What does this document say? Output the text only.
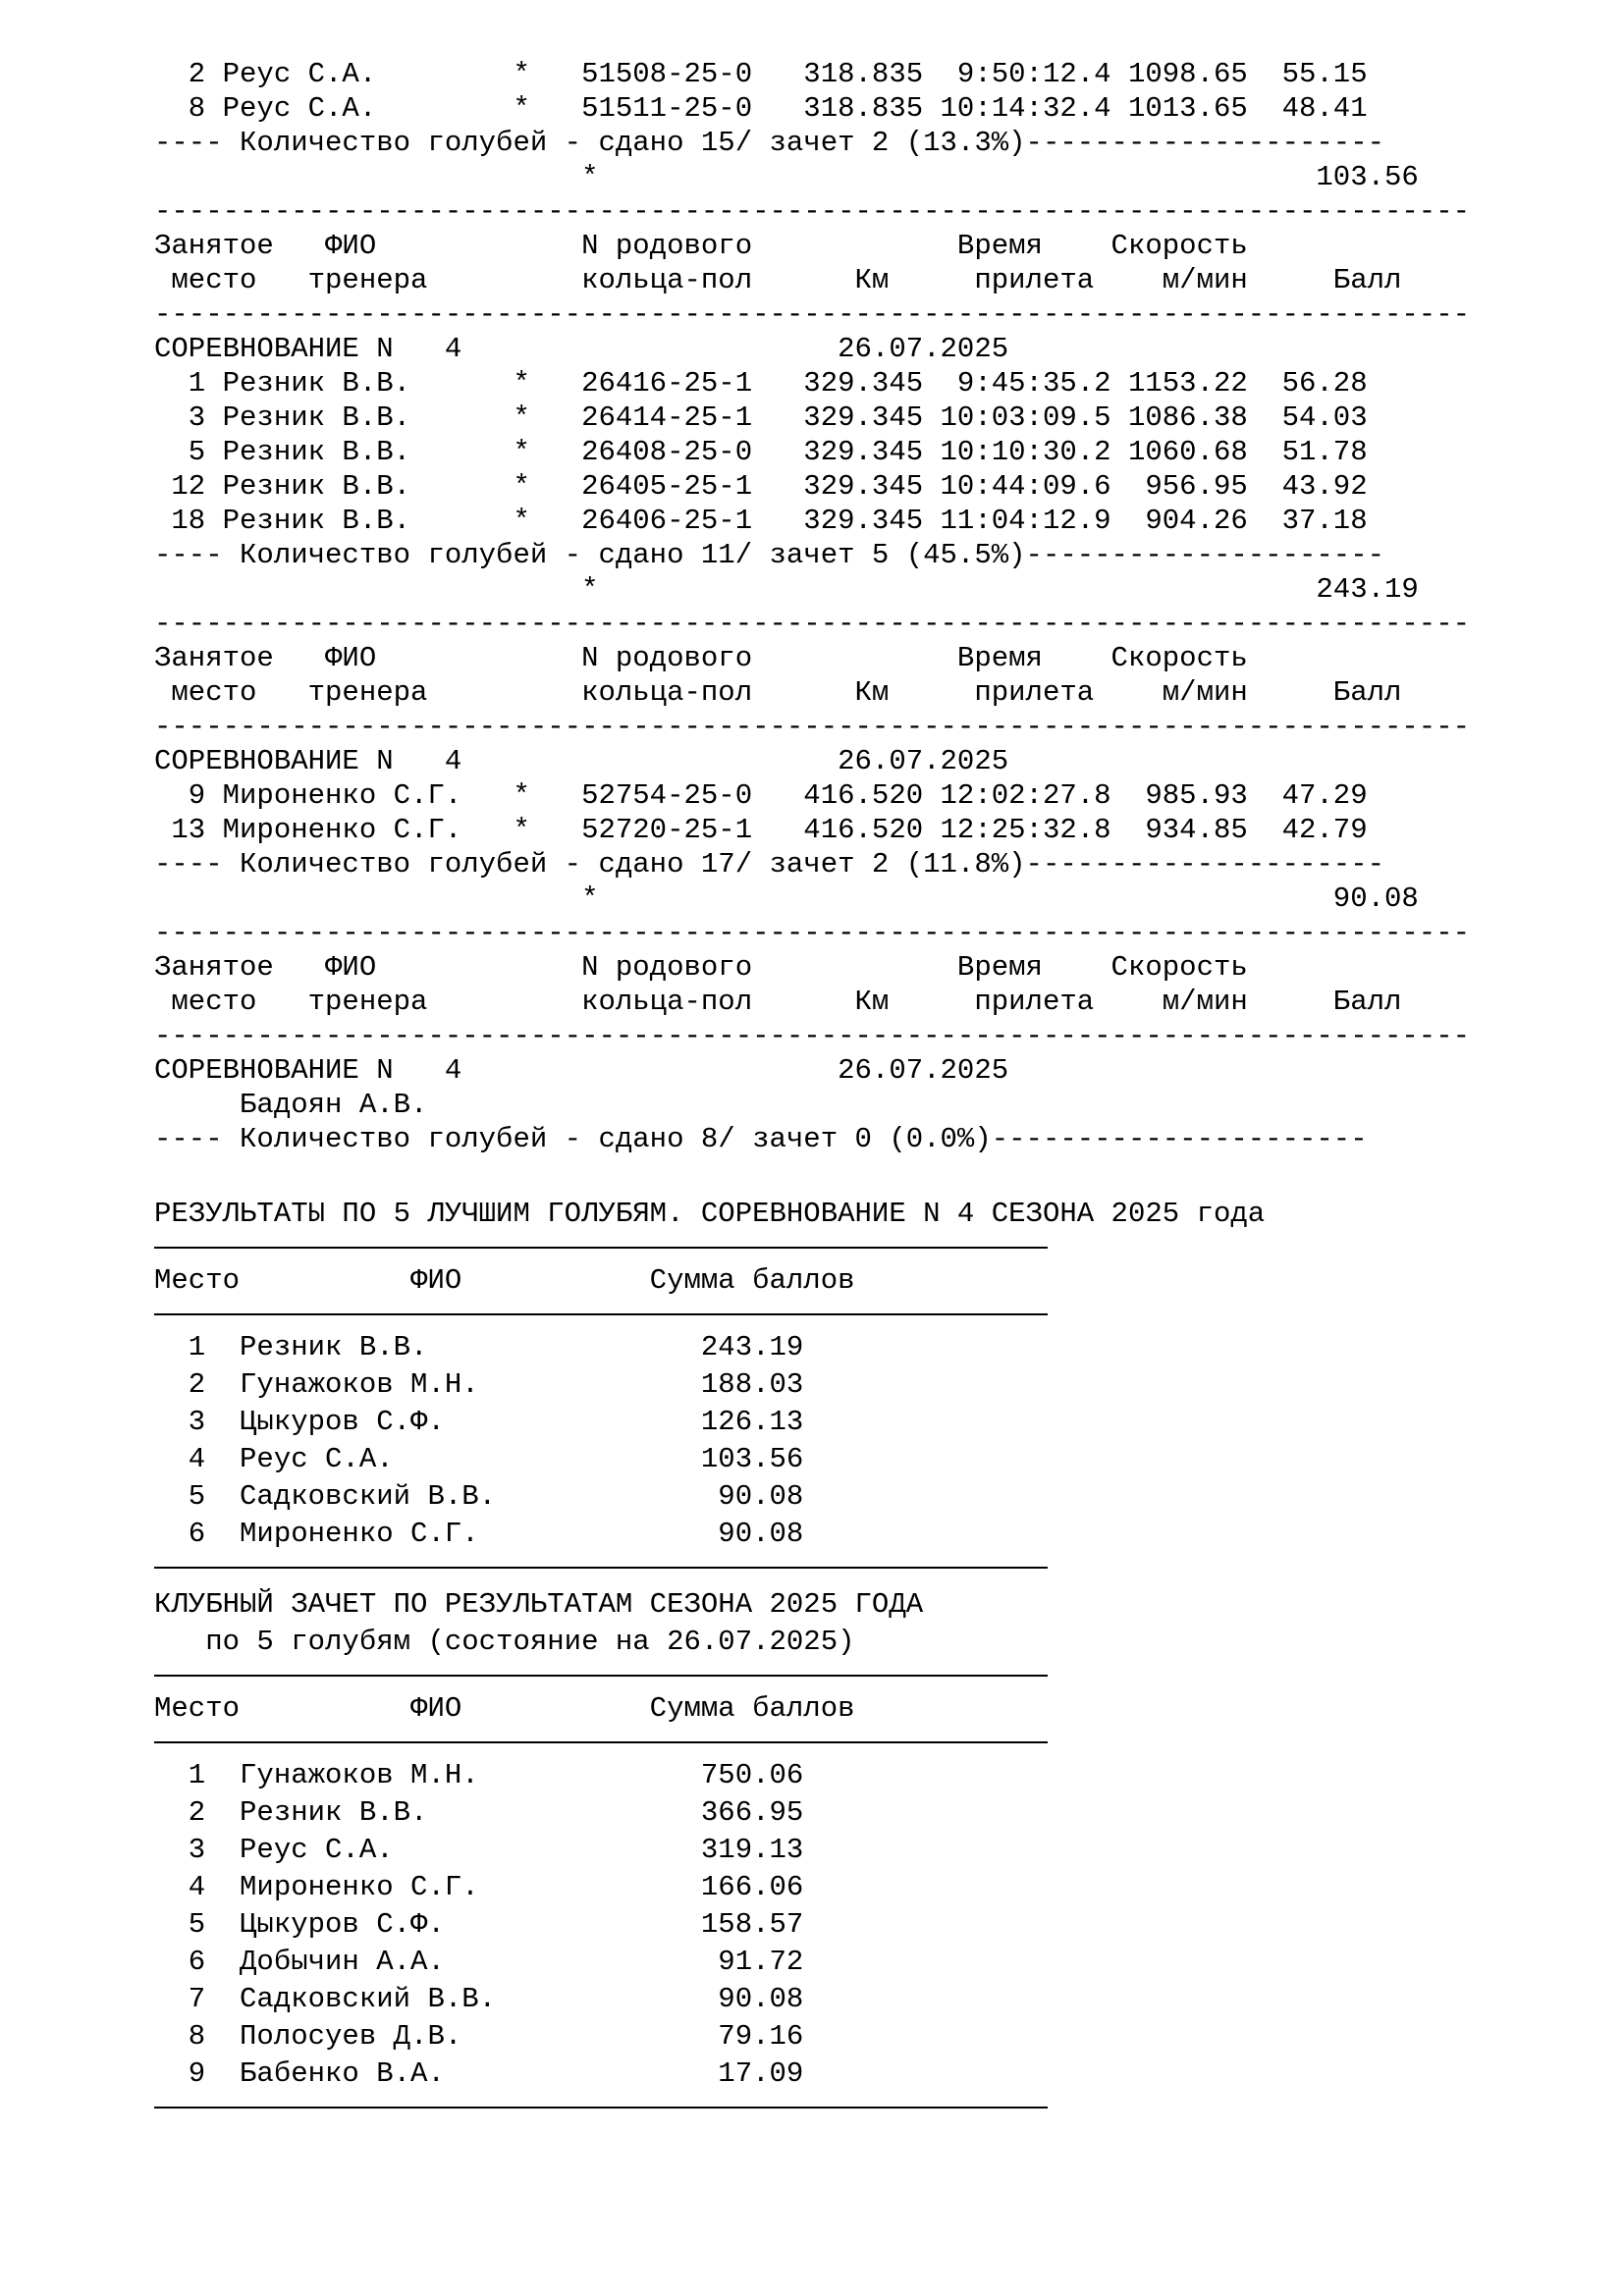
2 Реус С.А.        *   51508-25-0   318.835  9:50:12.4 1098.65  55.15
8 Реус С.А.        *   51511-25-0   318.835 10:14:32.4 1013.65  48.41
---- Количество голубей - сдано 15/ зачет 2 (13.3%)---------------------
*                                          103.56
-----------------------------------------------------------------------------
Занятое   ФИО            N родового            Время    Скорость
место   тренера         кольца-пол      Км     прилета    м/мин     Балл
-----------------------------------------------------------------------------
СОРЕВНОВАНИЕ N   4                      26.07.2025
1 Резник В.В.      *   26416-25-1   329.345  9:45:35.2 1153.22  56.28
3 Резник В.В.      *   26414-25-1   329.345 10:03:09.5 1086.38  54.03
5 Резник В.В.      *   26408-25-0   329.345 10:10:30.2 1060.68  51.78
12 Резник В.В.      *   26405-25-1   329.345 10:44:09.6  956.95  43.92
18 Резник В.В.      *   26406-25-1   329.345 11:04:12.9  904.26  37.18
---- Количество голубей - сдано 11/ зачет 5 (45.5%)---------------------
*                                          243.19
-----------------------------------------------------------------------------
Занятое   ФИО            N родового            Время    Скорость
место   тренера         кольца-пол      Км     прилета    м/мин     Балл
-----------------------------------------------------------------------------
СОРЕВНОВАНИЕ N   4                      26.07.2025
9 Мироненко С.Г.   *   52754-25-0   416.520 12:02:27.8  985.93  47.29
13 Мироненко С.Г.   *   52720-25-1   416.520 12:25:32.8  934.85  42.79
---- Количество голубей - сдано 17/ зачет 2 (11.8%)---------------------
*                                           90.08
-----------------------------------------------------------------------------
Занятое   ФИО            N родового            Время    Скорость
место   тренера         кольца-пол      Км     прилета    м/мин     Балл
-----------------------------------------------------------------------------
СОРЕВНОВАНИЕ N   4                      26.07.2025
Бадоян А.В.
---- Количество голубей - сдано 8/ зачет 0 (0.0%)----------------------
РЕЗУЛЬТАТЫ ПО 5 ЛУЧШИМ ГОЛУБЯМ. СОРЕВНОВАНИЕ N 4 СЕЗОНА 2025 года
Место          ФИО           Сумма баллов
1  Резник В.В.                243.19
2  Гунажоков М.Н.             188.03
3  Цыкуров С.Ф.               126.13
4  Реус С.А.                  103.56
5  Садковский В.В.             90.08
6  Мироненко С.Г.              90.08
КЛУБНЫЙ ЗАЧЕТ ПО РЕЗУЛЬТАТАМ СЕЗОНА 2025 ГОДА
по 5 голубям (состояние на 26.07.2025)
Место          ФИО           Сумма баллов
1  Гунажоков М.Н.             750.06
2  Резник В.В.                366.95
3  Реус С.А.                  319.13
4  Мироненко С.Г.             166.06
5  Цыкуров С.Ф.               158.57
6  Добычин А.А.                91.72
7  Садковский В.В.             90.08
8  Полосуев Д.В.               79.16
9  Бабенко В.А.                17.09
